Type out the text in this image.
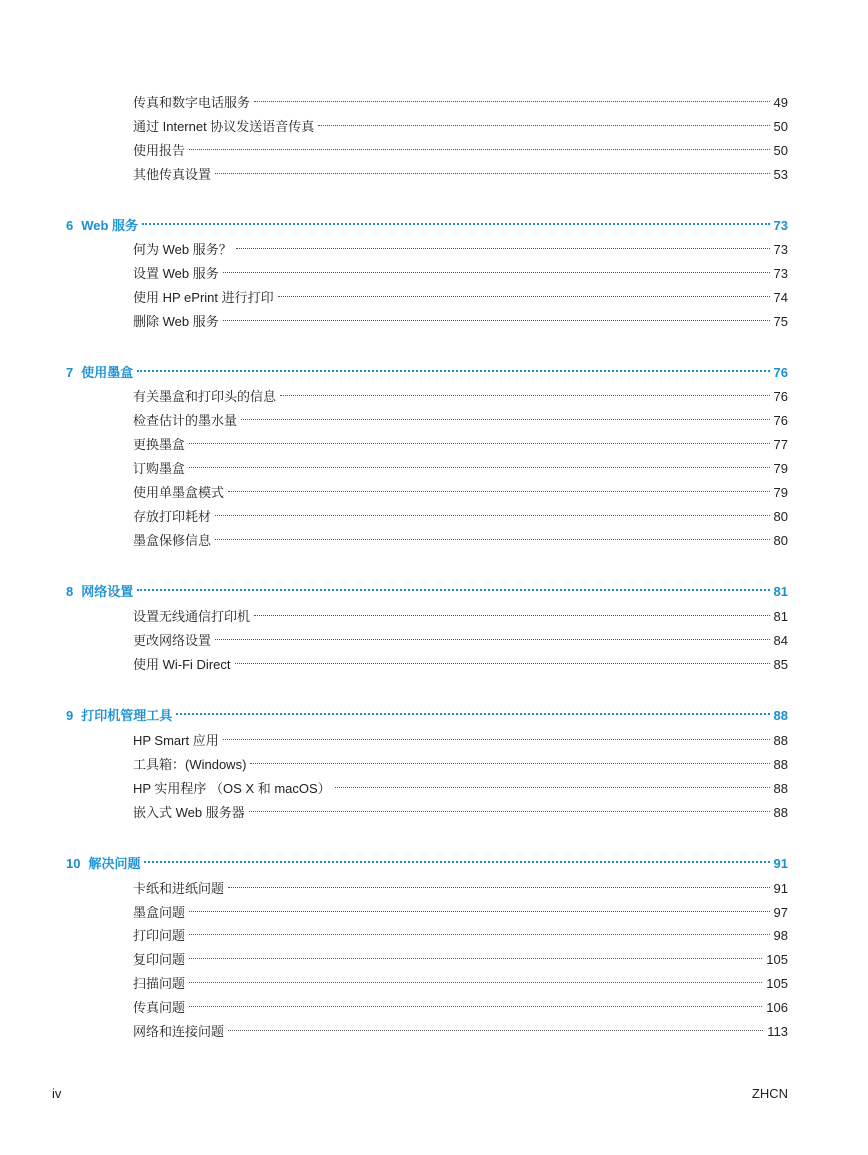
传真和数字电话服务	49
通过 Internet 协议发送语音传真	50
使用报告	50
其他传真设置	53
6 Web 服务	73
何为 Web 服务？	73
设置 Web 服务	73
使用 HP ePrint 进行打印	74
删除 Web 服务	75
7 使用墨盒	76
有关墨盒和打印头的信息	76
检查估计的墨水量	76
更换墨盒	77
订购墨盒	79
使用单墨盒模式	79
存放打印耗材	80
墨盒保修信息	80
8 网络设置	81
设置无线通信打印机	81
更改网络设置	84
使用 Wi-Fi Direct	85
9 打印机管理工具	88
HP Smart 应用	88
工具箱：(Windows)	88
HP 实用程序 （OS X 和 macOS）	88
嵌入式 Web 服务器	88
10 解决问题	91
卡纸和进纸问题	91
墨盒问题	97
打印问题	98
复印问题	105
扫描问题	105
传真问题	106
网络和连接问题	113
iv	ZHCN
